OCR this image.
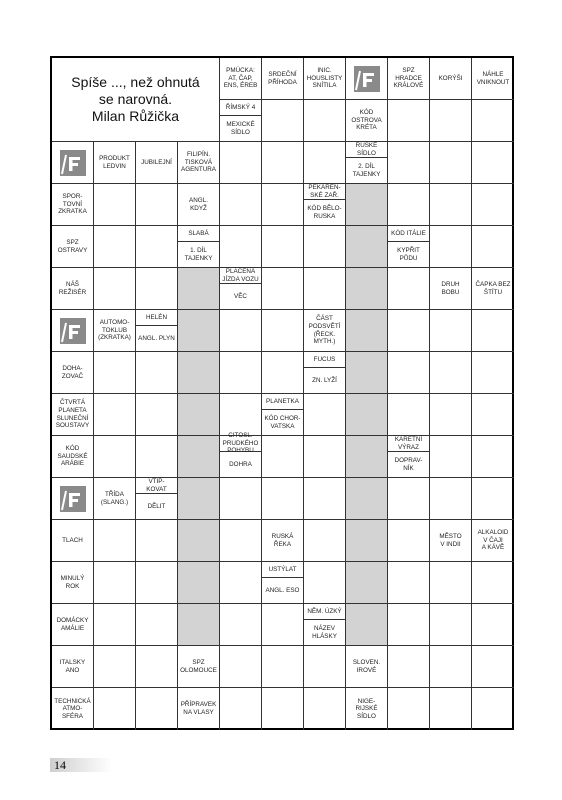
Spíše ..., než ohnutá
se narovná.
Milan Růžička
PMÚCKA:
AT, ČAP,
ENS, ÉREB
SRDEČNÍ
PŘÍHODA
INIC.
HOUSLISTY
SNÍTILA
SPZ HRADCE
KRÁLOVÉ
KORÝŠI
NÁHLE
VNIKNOUT
ŘÍMSKÝ 4
MEXICKÉ
SÍDLO
KÓD
OSTROVA
KRÉTA
PRODUKT
LEDVIN
JUBILEJNÍ
FILIPÍN.
TISKOVÁ
AGENTURA
RUSKÉ
SÍDLO
2. DÍL
TAJENKY
SPOR-
TOVNÍ
ZKRATKA
ANGL. KDYŽ
PEKÁREN-
SKÉ ZAŘ.
KÓD BĚLO-
RUSKA
SPZ
OSTRAVY
SLABÁ
1. DÍL
TAJENKY
KÓD ITÁLIE
KYPŘIT
PŮDU
NÁŠ
REŽISÉR
PLACENÁ
JÍZDA VOZU
VĚC
DRUH BOBU
ČAPKA BEZ
ŠTÍTU
AUTOMO-
TOKLUB
(ZKRATKA)
HELÉN
ANGL. PLYN
ČÁST
PODSVĚTÍ
(ŘECK.
MYTH.)
DOHA-
ZOVAČ
FUCUS
ZN. LYŽÍ
ČTVRTÁ
PLANETA
SLUNEČNÍ
SOUSTAVY
PLANETKA
KÓD CHOR-
VATSKA
KÓD
SAUDSKÉ
ARÁBIE
CITOSL.
PRUDKÉHO
POHYBU
DOHRA
KARETNÍ
VÝRAZ
DOPRAV-
NÍK
TŘÍDA
(SLANG.)
VTIP-
KOVAT
DĚLIT
TLACH
RUSKÁ
ŘEKA
MĚSTO
V INDII
ALKALOID
V ČAJI
A KÁVĚ
MINULÝ
ROK
USTÝLAT
ANGL. ESO
DOMÁCKY
AMÁLIE
NĚM. ÚZKÝ
NÁZEV
HLÁSKY
ITALSKY
ANO
SPZ
OLOMOUCE
SLOVEN.
IROVÉ
TECHNICKÁ
ATMO-
SFÉRA
PŘÍPRAVEK
NA VLASY
NIGE-
RIJSKÉ
SÍDLO
14
